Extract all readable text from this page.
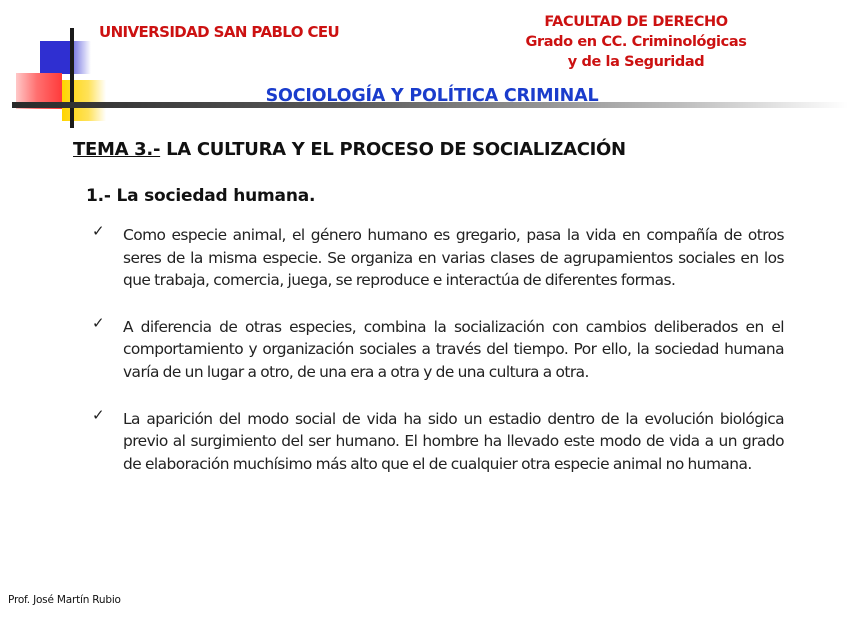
UNIVERSIDAD SAN PABLO CEU
FACULTAD DE DERECHO
Grado en CC. Criminológicas
y de la Seguridad
SOCIOLOGÍA Y POLÍTICA CRIMINAL
TEMA 3.- LA CULTURA Y EL PROCESO DE SOCIALIZACIÓN
1.- La sociedad humana.
✓ Como especie animal, el género humano es gregario, pasa la vida en compañía de otros seres de la misma especie. Se organiza en varias clases de agrupamientos sociales en los que trabaja, comercia, juega, se reproduce e interactúa de diferentes formas.
✓ A diferencia de otras especies, combina la socialización con cambios deliberados en el comportamiento y organización sociales a través del tiempo. Por ello, la sociedad humana varía de un lugar a otro, de una era a otra y de una cultura a otra.
✓ La aparición del modo social de vida ha sido un estadio dentro de la evolución biológica previo al surgimiento del ser humano. El hombre ha llevado este modo de vida a un grado de elaboración muchísimo más alto que el de cualquier otra especie animal no humana.
Prof. José Martín Rubio
